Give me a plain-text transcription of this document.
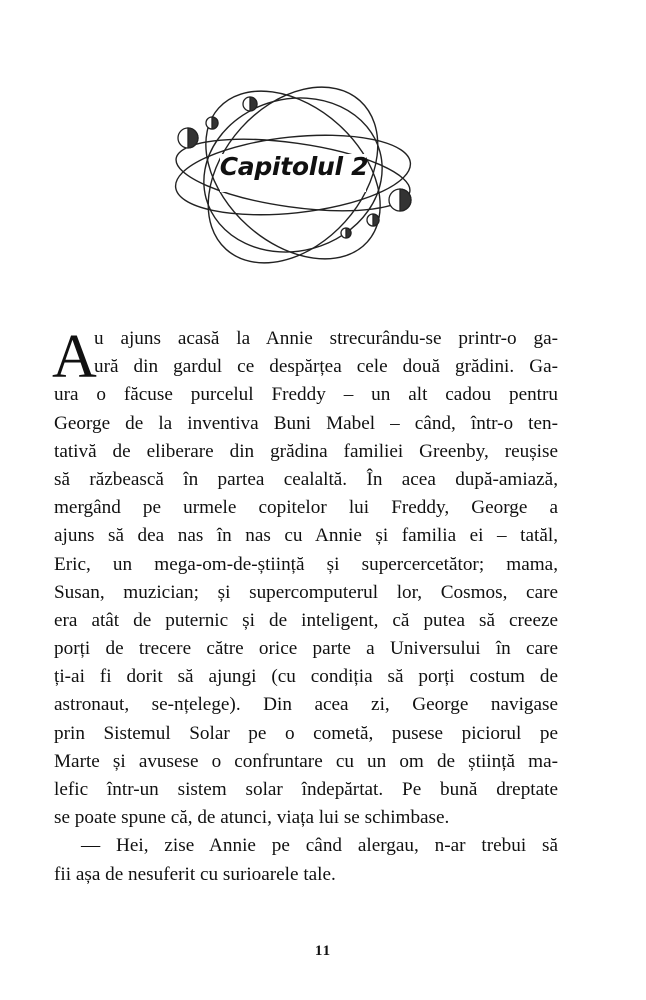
Capitolul 2
A
u ajuns acasă la Annie strecurându-se printr-o ga-
ură din gardul ce despărțea cele două grădini. Ga-
ura o făcuse purcelul Freddy – un alt cadou pentru
George de la inventiva Buni Mabel – când, într-o ten-
tativă de eliberare din grădina familiei Greenby, reușise
să răzbească în partea cealaltă. În acea după-amiază,
mergând pe urmele copitelor lui Freddy, George a
ajuns să dea nas în nas cu Annie și familia ei – tatăl,
Eric, un mega-om-de-știință și supercercetător; mama,
Susan, muzician; și supercomputerul lor, Cosmos, care
era atât de puternic și de inteligent, că putea să creeze
porți de trecere către orice parte a Universului în care
ți-ai fi dorit să ajungi (cu condiția să porți costum de
astronaut, se-nțelege). Din acea zi, George navigase
prin Sistemul Solar pe o cometă, pusese piciorul pe
Marte și avusese o confruntare cu un om de știință ma-
lefic într-un sistem solar îndepărtat. Pe bună dreptate
se poate spune că, de atunci, viața lui se schimbase.
— Hei, zise Annie pe când alergau, n-ar trebui să
fii așa de nesuferit cu surioarele tale.
11
